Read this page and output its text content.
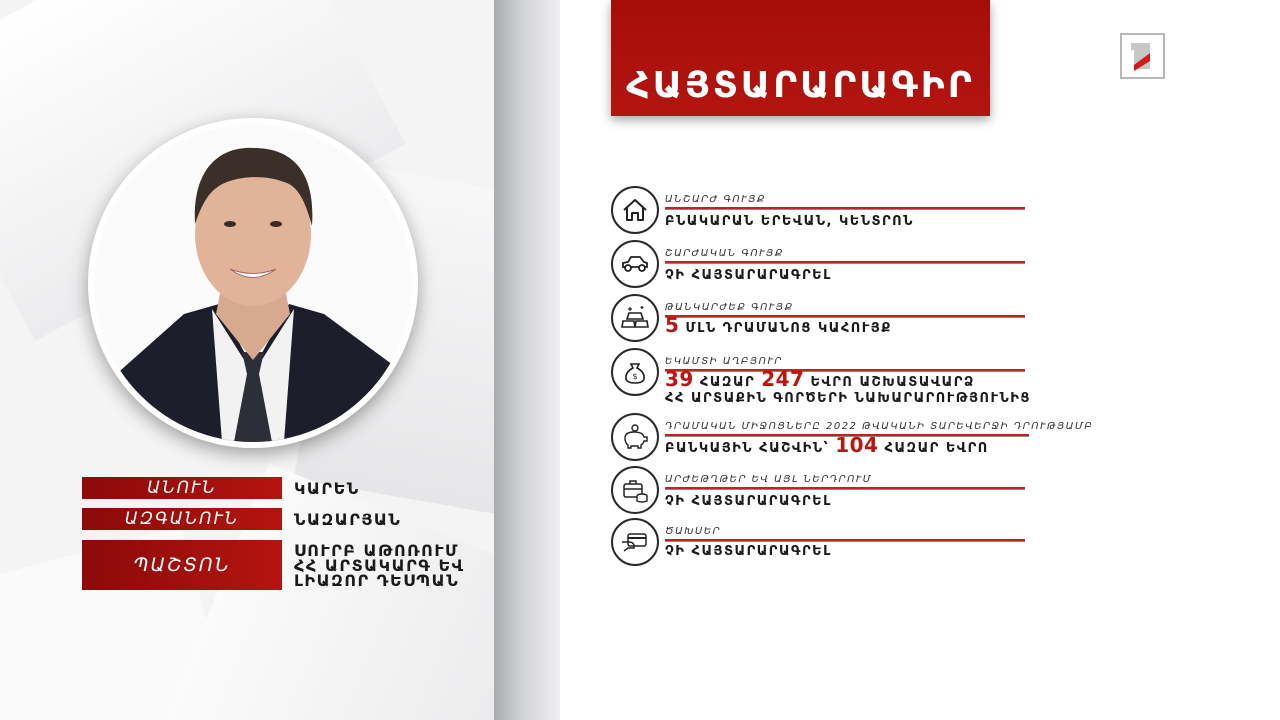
ԱՆՈՒՆ	ԿԱՐԵՆ
ԱԶԳԱՆՈՒՆ	ՆԱԶԱՐՅԱՆ
ՊԱՇՏՈՆ
ՍՈՒՐԲ ԱԹՈՌՈՒՄ
ՀՀ ԱՐՏԱԿԱՐԳ ԵՎ
ԼԻԱԶՈՐ ԴԵՍՊԱՆ
ՀԱՅՏԱՐԱՐԱԳԻՐ
ԱՆՇԱՐԺ ԳՈՒՅՔ
ԲՆԱԿԱՐԱՆ ԵՐԵՎԱՆ, ԿԵՆՏՐՈՆ
ՇԱՐԺԱԿԱՆ ԳՈՒՅՔ
ՉԻ ՀԱՅՏԱՐԱՐԱԳՐԵԼ
ԹԱՆԿԱՐԺԵՔ ԳՈՒՅՔ
5 ՄԼՆ ԴՐԱՄԱՆՈՑ ԿԱՀՈՒՅՔ
$
ԵԿԱՄՏԻ ԱՂԲՅՈՒՐ
39 ՀԱԶԱՐ 247 ԵՎՐՈ ԱՇԽԱՏԱՎԱՐՁ
ՀՀ ԱՐՏԱՔԻՆ ԳՈՐԾԵՐԻ ՆԱԽԱՐԱՐՈՒԹՅՈՒՆԻՑ
ԴՐԱՄԱԿԱՆ ՄԻՋՈՑՆԵՐԸ 2022 ԹՎԱԿԱՆԻ ՏԱՐԵՎԵՐՋԻ ԴՐՈՒԹՅԱՄԲ
ԲԱՆԿԱՅԻՆ ՀԱՇՎԻՆ՝ 104 ՀԱԶԱՐ ԵՎՐՈ
ԱՐԺԵԹՂԹԵՐ ԵՎ ԱՅԼ ՆԵՐԴՐՈՒՄ
ՉԻ ՀԱՅՏԱՐԱՐԱԳՐԵԼ
ԾԱԽՍԵՐ
ՉԻ ՀԱՅՏԱՐԱՐԱԳՐԵԼ
